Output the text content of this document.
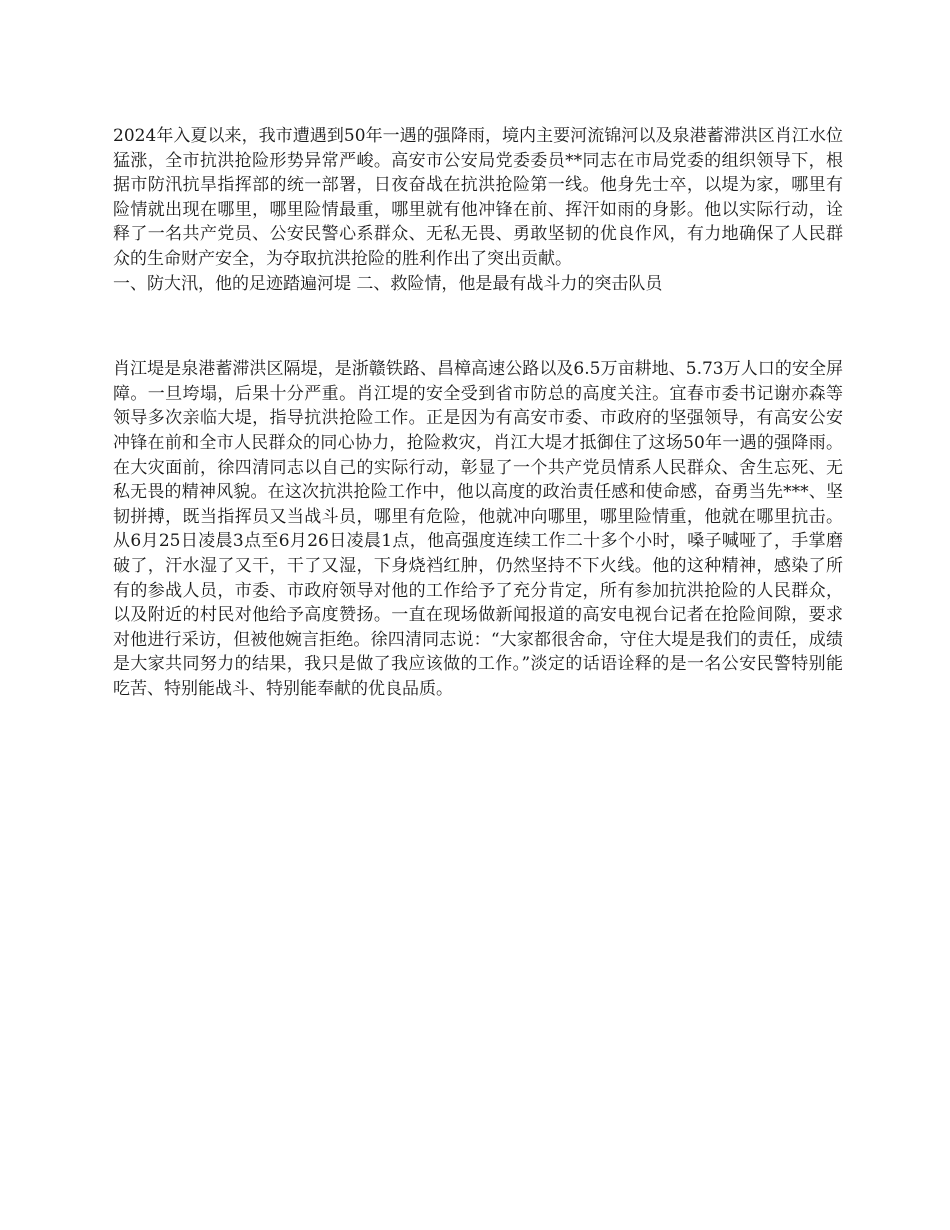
2024年入夏以来，我市遭遇到50年一遇的强降雨，境内主要河流锦河以及泉港蓄滞洪区肖江水位猛涨，全市抗洪抢险形势异常严峻。高安市公安局党委委员**同志在市局党委的组织领导下，根据市防汛抗旱指挥部的统一部署，日夜奋战在抗洪抢险第一线。他身先士卒，以堤为家，哪里有险情就出现在哪里，哪里险情最重，哪里就有他冲锋在前、挥汗如雨的身影。他以实际行动，诠释了一名共产党员、公安民警心系群众、无私无畏、勇敢坚韧的优良作风，有力地确保了人民群众的生命财产安全，为夺取抗洪抢险的胜利作出了突出贡献。

一、防大汛，他的足迹踏遍河堤 二、救险情，他是最有战斗力的突击队员

肖江堤是泉港蓄滞洪区隔堤，是浙赣铁路、昌樟高速公路以及6.5万亩耕地、5.73万人口的安全屏障。一旦垮塌，后果十分严重。肖江堤的安全受到省市防总的高度关注。宜春市委书记谢亦森等领导多次亲临大堤，指导抗洪抢险工作。正是因为有高安市委、市政府的坚强领导，有高安公安冲锋在前和全市人民群众的同心协力，抢险救灾，肖江大堤才抵御住了这场50年一遇的强降雨。在大灾面前，徐四清同志以自己的实际行动，彰显了一个共产党员情系人民群众、舍生忘死、无私无畏的精神风貌。在这次抗洪抢险工作中，他以高度的政治责任感和使命感，奋勇当先***、坚韧拼搏，既当指挥员又当战斗员，哪里有危险，他就冲向哪里，哪里险情重，他就在哪里抗击。从6月25日凌晨3点至6月26日凌晨1点，他高强度连续工作二十多个小时，嗓子喊哑了，手掌磨破了，汗水湿了又干，干了又湿，下身烧裆红肿，仍然坚持不下火线。他的这种精神，感染了所有的参战人员，市委、市政府领导对他的工作给予了充分肯定，所有参加抗洪抢险的人民群众，以及附近的村民对他给予高度赞扬。一直在现场做新闻报道的高安电视台记者在抢险间隙，要求对他进行采访，但被他婉言拒绝。徐四清同志说：“大家都很舍命，守住大堤是我们的责任，成绩是大家共同努力的结果，我只是做了我应该做的工作。”淡定的话语诠释的是一名公安民警特别能吃苦、特别能战斗、特别能奉献的优良品质。
